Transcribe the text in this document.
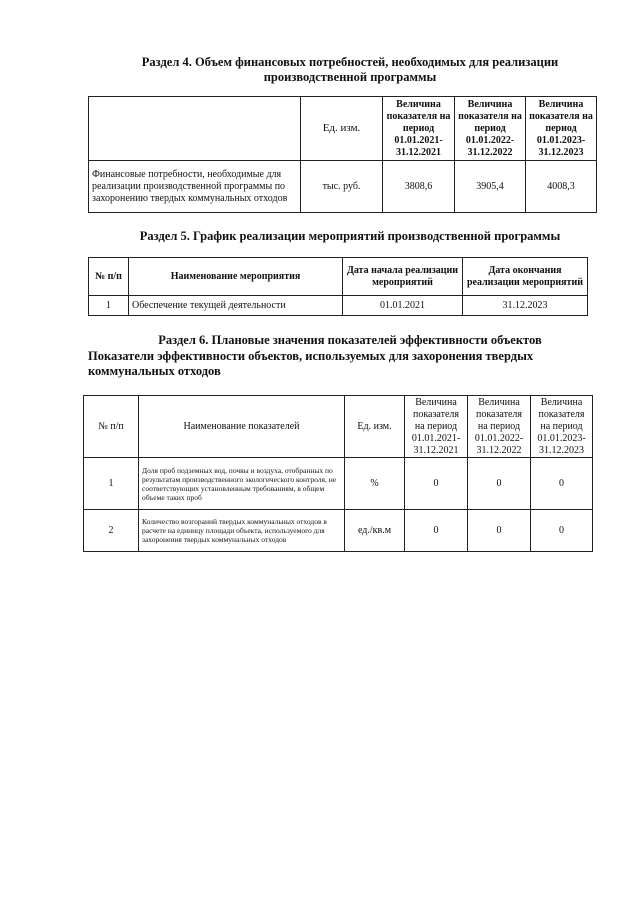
Раздел 4. Объем финансовых потребностей, необходимых для реализации
производственной программы
	Ед. изм.	Величина показателя на период 01.01.2021-31.12.2021	Величина показателя на период 01.01.2022-31.12.2022	Величина показателя на период 01.01.2023-31.12.2023
Финансовые потребности, необходимые для реализации производственной программы по захоронению твердых коммунальных отходов	тыс. руб.	3808,6	3905,4	4008,3
Раздел 5. График реализации мероприятий производственной программы
№ п/п	Наименование мероприятия	Дата начала реализации мероприятий	Дата окончания реализации мероприятий
1	Обеспечение текущей деятельности	01.01.2021	31.12.2023
Раздел 6. Плановые значения показателей эффективности объектов
Показатели эффективности объектов, используемых для захоронения твердых
коммунальных отходов
№ п/п	Наименование показателей	Ед. изм.	Величина показателя на период 01.01.2021-31.12.2021	Величина показателя на период 01.01.2022-31.12.2022	Величина показателя на период 01.01.2023-31.12.2023
1	Доля проб подземных вод, почвы и воздуха, отобранных по результатам производственного экологического контроля, не соответствующих установленным требованиям, в общем объеме таких проб	%	0	0	0
2	Количество возгораний твердых коммунальных отходов в расчете на единицу площади объекта, используемого для захоронения твердых коммунальных отходов	ед./кв.м	0	0	0
